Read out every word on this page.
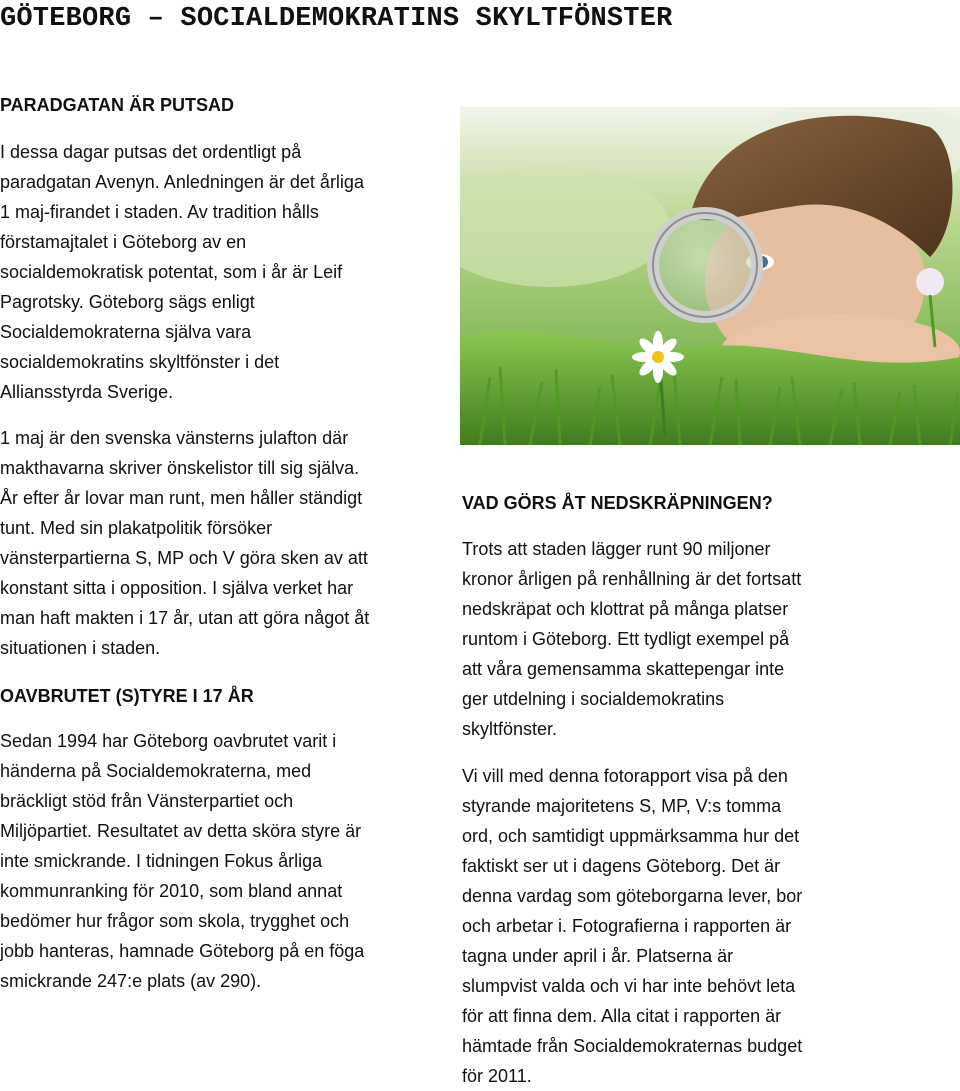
GÖTEBORG – SOCIALDEMOKRATINS SKYLTFÖNSTER
PARADGATAN ÄR PUTSAD
I dessa dagar putsas det ordentligt på
paradgatan Avenyn. Anledningen är det årliga
1 maj-firandet i staden. Av tradition hålls
förstamajtalet i Göteborg av en
socialdemokratisk potentat, som i år är Leif
Pagrotsky. Göteborg sägs enligt
Socialdemokraterna själva vara
socialdemokratins skyltfönster i det
Alliansstyrda Sverige.
1 maj är den svenska vänsterns julafton där
makthavarna skriver önskelistor till sig själva.
År efter år lovar man runt, men håller ständigt
tunt. Med sin plakatpolitik försöker
vänsterpartierna S, MP och V göra sken av att
konstant sitta i opposition. I själva verket har
man haft makten i 17 år, utan att göra något åt
situationen i staden.
OAVBRUTET (S)TYRE I 17 ÅR
Sedan 1994 har Göteborg oavbrutet varit i
händerna på Socialdemokraterna, med
bräckligt stöd från Vänsterpartiet och
Miljöpartiet. Resultatet av detta sköra styre är
inte smickrande. I tidningen Fokus årliga
kommunranking för 2010, som bland annat
bedömer hur frågor som skola, trygghet och
jobb hanteras, hamnade Göteborg på en föga
smickrande 247:e plats (av 290).
VAD GÖRS ÅT NEDSKRÄPNINGEN?
Trots att staden lägger runt 90 miljoner
kronor årligen på renhållning är det fortsatt
nedskräpat och klottrat på många platser
runtom i Göteborg. Ett tydligt exempel på
att våra gemensamma skattepengar inte
ger utdelning i socialdemokratins
skyltfönster.
Vi vill med denna fotorapport visa på den
styrande majoritetens S, MP, V:s tomma
ord, och samtidigt uppmärksamma hur det
faktiskt ser ut i dagens Göteborg. Det är
denna vardag som göteborgarna lever, bor
och arbetar i. Fotografierna i rapporten är
tagna under april i år. Platserna är
slumpvist valda och vi har inte behövt leta
för att finna dem. Alla citat i rapporten är
hämtade från Socialdemokraternas budget
för 2011.
